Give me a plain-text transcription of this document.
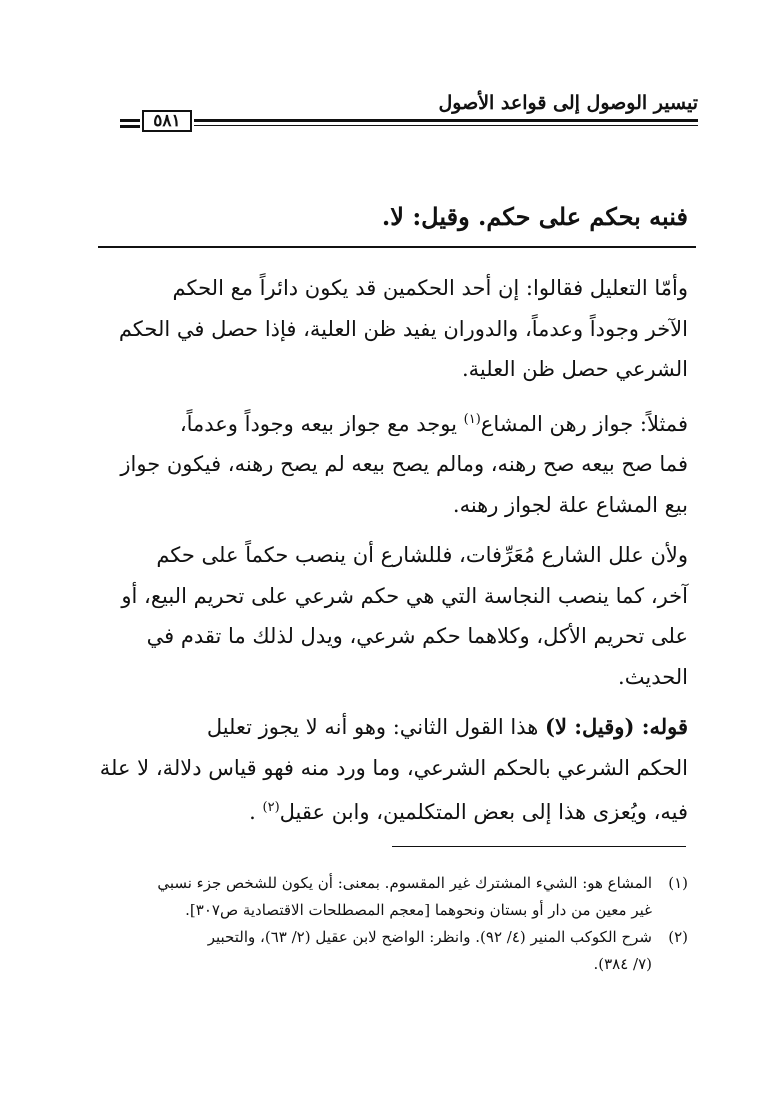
تيسير الوصول إلى قواعد الأصول
٥٨١
فنبه بحكم على حكم. وقيل: لا.
وأمّا التعليل فقالوا: إن أحد الحكمين قد يكون دائراً مع الحكم
الآخر وجوداً وعدماً، والدوران يفيد ظن العلية، فإذا حصل في الحكم
الشرعي حصل ظن العلية.
فمثلاً: جواز رهن المشاع$^{(١)}$ يوجد مع جواز بيعه وجوداً وعدماً،
فما صح بيعه صح رهنه، ومالم يصح بيعه لم يصح رهنه، فيكون جواز
بيع المشاع علة لجواز رهنه.
ولأن علل الشارع مُعَرِّفات، فللشارع أن ينصب حكماً على حكم
آخر، كما ينصب النجاسة التي هي حكم شرعي على تحريم البيع، أو
على تحريم الأكل، وكلاهما حكم شرعي، ويدل لذلك ما تقدم في
الحديث.
قوله: (وقيل: لا) هذا القول الثاني: وهو أنه لا يجوز تعليل
الحكم الشرعي بالحكم الشرعي، وما ورد منه فهو قياس دلالة، لا علة
فيه، ويُعزى هذا إلى بعض المتكلمين، وابن عقيل$^{(٢)}$ .
(١)
المشاع هو: الشيء المشترك غير المقسوم. بمعنى: أن يكون للشخص جزء نسبي
غير معين من دار أو بستان ونحوهما [معجم المصطلحات الاقتصادية ص٣٠٧].
(٢)
شرح الكوكب المنير (٤/ ٩٢). وانظر: الواضح لابن عقيل (٢/ ٦٣)، والتحبير
(٧/ ٣٨٤).
